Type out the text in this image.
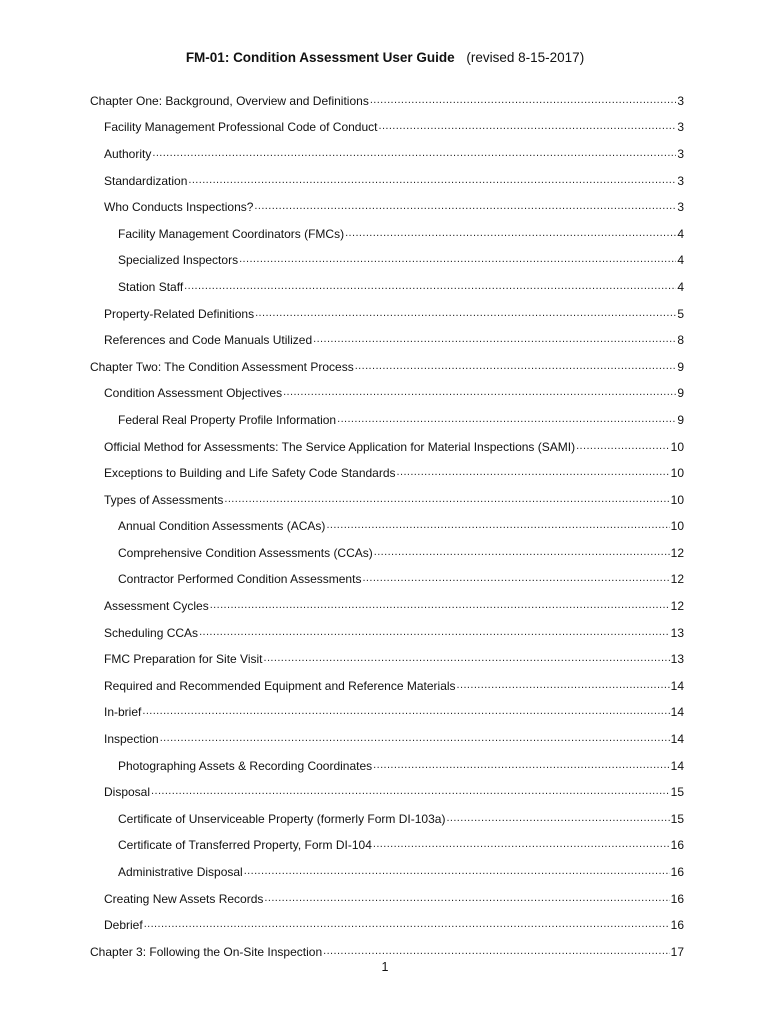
FM-01: Condition Assessment User Guide (revised 8-15-2017)
Chapter One: Background, Overview and Definitions .....	3
Facility Management Professional Code of Conduct .....	3
Authority .....	3
Standardization .....	3
Who Conducts Inspections? .....	3
Facility Management Coordinators (FMCs) .....	4
Specialized Inspectors .....	4
Station Staff .....	4
Property-Related Definitions .....	5
References and Code Manuals Utilized .....	8
Chapter Two: The Condition Assessment Process .....	9
Condition Assessment Objectives .....	9
Federal Real Property Profile Information .....	9
Official Method for Assessments: The Service Application for Material Inspections (SAMI) .....	10
Exceptions to Building and Life Safety Code Standards .....	10
Types of Assessments .....	10
Annual Condition Assessments (ACAs) .....	10
Comprehensive Condition Assessments (CCAs) .....	12
Contractor Performed Condition Assessments .....	12
Assessment Cycles .....	12
Scheduling CCAs .....	13
FMC Preparation for Site Visit .....	13
Required and Recommended Equipment and Reference Materials .....	14
In-brief .....	14
Inspection .....	14
Photographing Assets & Recording Coordinates .....	14
Disposal .....	15
Certificate of Unserviceable Property (formerly Form DI-103a) .....	15
Certificate of Transferred Property, Form DI-104 .....	16
Administrative Disposal .....	16
Creating New Assets Records .....	16
Debrief .....	16
Chapter 3: Following the On-Site Inspection .....	17
1
